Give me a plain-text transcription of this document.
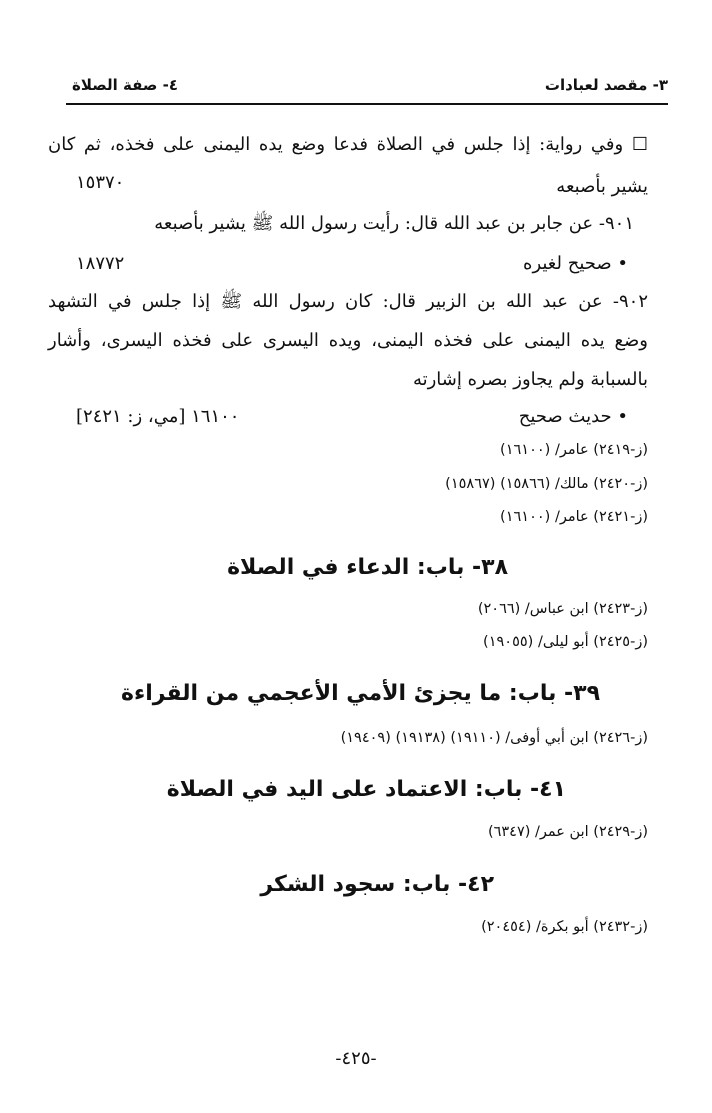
٣- مقصد لعبادات
٤- صفة الصلاة
☐ وفي رواية: إذا جلس في الصلاة فدعا وضع يده اليمنى على فخذه، ثم كان
يشير بأصبعه
١٥٣٧٠
٩٠١- عن جابر بن عبد الله قال: رأيت رسول الله ﷺ يشير بأصبعه
• صحيح لغيره
١٨٧٧٢
٩٠٢- عن عبد الله بن الزبير قال: كان رسول الله ﷺ إذا جلس في التشهد
وضع يده اليمنى على فخذه اليمنى، ويده اليسرى على فخذه اليسرى، وأشار
بالسبابة ولم يجاوز بصره إشارته
• حديث صحيح
١٦١٠٠ [مي، ز: ٢٤٢١]
(ز-٢٤١٩) عامر/ (١٦١٠٠)
(ز-٢٤٢٠) مالك/ (١٥٨٦٦) (١٥٨٦٧)
(ز-٢٤٢١) عامر/ (١٦١٠٠)
٣٨- باب: الدعاء في الصلاة
(ز-٢٤٢٣) ابن عباس/ (٢٠٦٦)
(ز-٢٤٢٥) أبو ليلى/ (١٩٠٥٥)
٣٩- باب: ما يجزئ الأمي الأعجمي من القراءة
(ز-٢٤٢٦) ابن أبي أوفى/ (١٩١١٠) (١٩١٣٨) (١٩٤٠٩)
٤١- باب: الاعتماد على اليد في الصلاة
(ز-٢٤٢٩) ابن عمر/ (٦٣٤٧)
٤٢- باب: سجود الشكر
(ز-٢٤٣٢) أبو بكرة/ (٢٠٤٥٤)
-٤٢٥-
